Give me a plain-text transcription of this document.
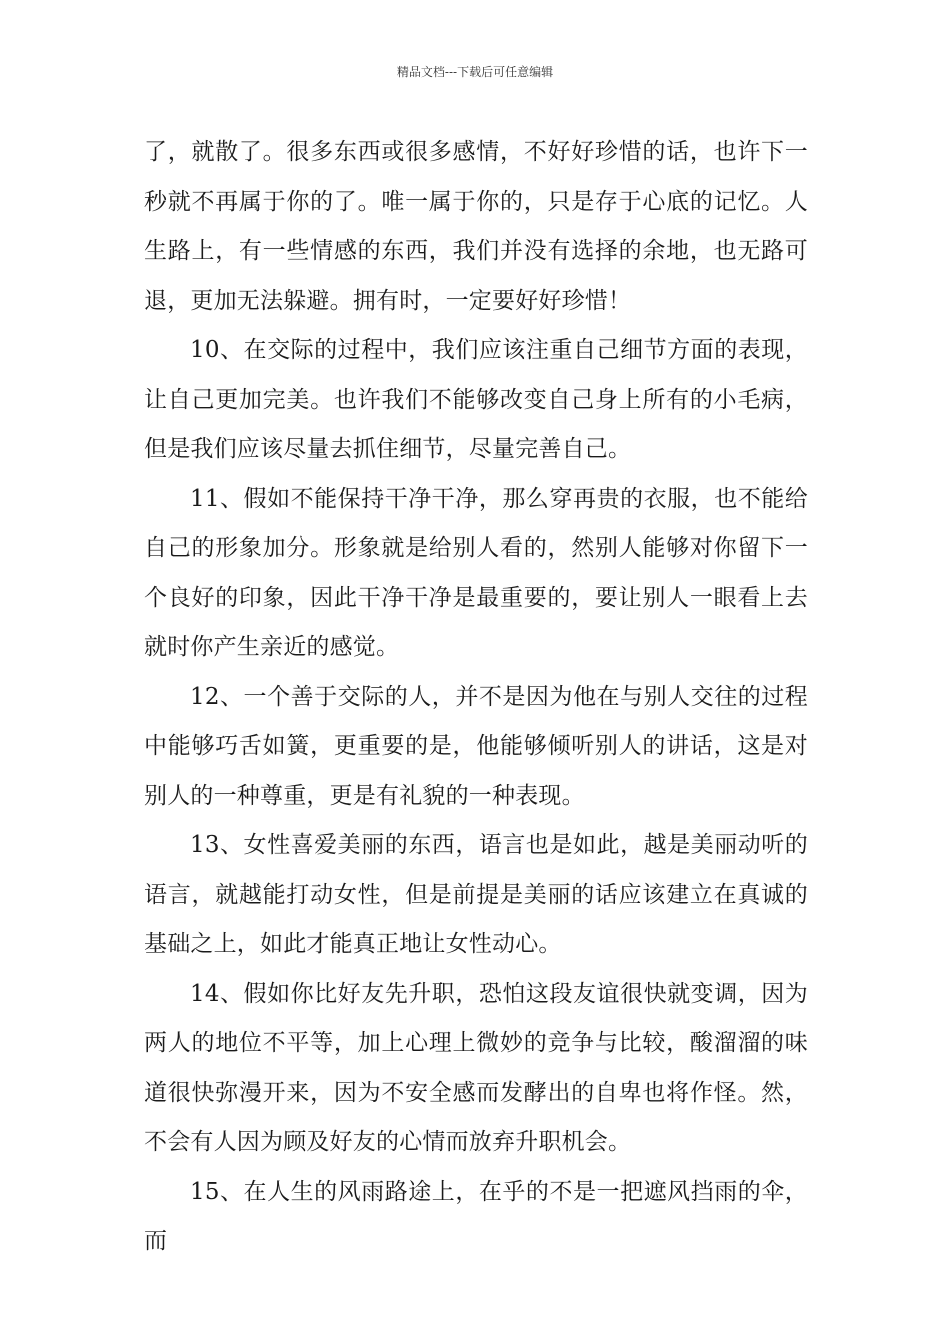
精品文档---下载后可任意编辑

了，就散了。很多东西或很多感情，不好好珍惜的话，也许下一秒就不再属于你的了。唯一属于你的，只是存于心底的记忆。人生路上，有一些情感的东西，我们并没有选择的余地，也无路可退，更加无法躲避。拥有时，一定要好好珍惜！

10、在交际的过程中，我们应该注重自己细节方面的表现，让自己更加完美。也许我们不能够改变自己身上所有的小毛病，但是我们应该尽量去抓住细节，尽量完善自己。

11、假如不能保持干净干净，那么穿再贵的衣服，也不能给自己的形象加分。形象就是给别人看的，然别人能够对你留下一个良好的印象，因此干净干净是最重要的，要让别人一眼看上去就时你产生亲近的感觉。

12、一个善于交际的人，并不是因为他在与别人交往的过程中能够巧舌如簧，更重要的是，他能够倾听别人的讲话，这是对别人的一种尊重，更是有礼貌的一种表现。

13、女性喜爱美丽的东西，语言也是如此，越是美丽动听的语言，就越能打动女性，但是前提是美丽的话应该建立在真诚的基础之上，如此才能真正地让女性动心。

14、假如你比好友先升职，恐怕这段友谊很快就变调，因为两人的地位不平等，加上心理上微妙的竞争与比较，酸溜溜的味道很快弥漫开来，因为不安全感而发酵出的自卑也将作怪。然，不会有人因为顾及好友的心情而放弃升职机会。

15、在人生的风雨路途上，在乎的不是一把遮风挡雨的伞，而
